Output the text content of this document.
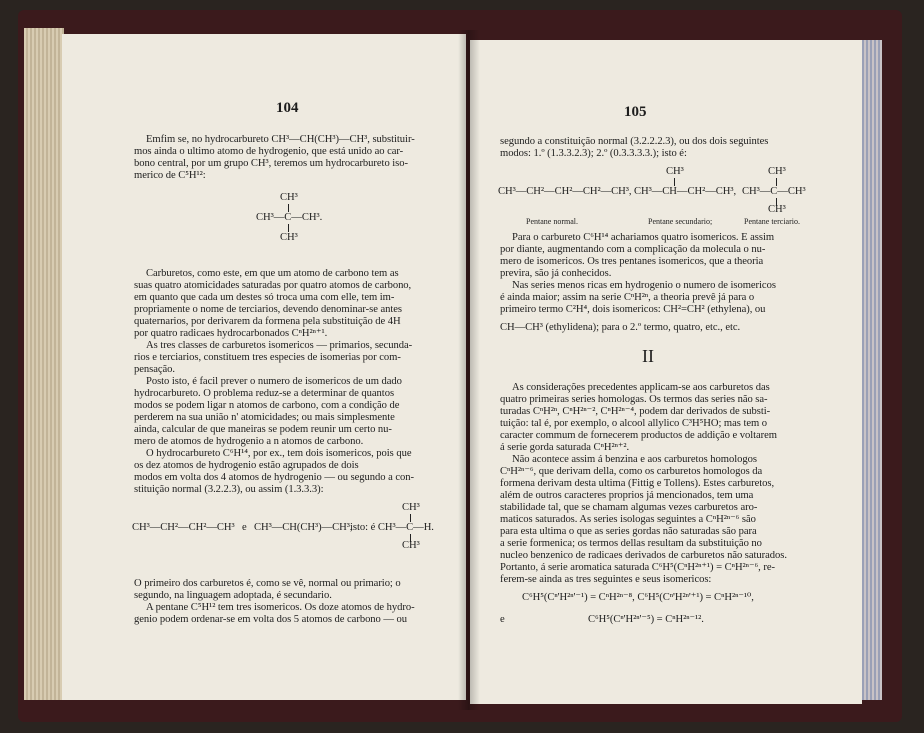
104
Emfim se, no hydrocarbureto CH³—CH(CH³)—CH³, substituir-
mos ainda o ultimo atomo de hydrogenio, que está unido ao car-
bono central, por um grupo CH³, teremos um hydrocarbureto iso-
merico de C⁵H¹²:
CH³
CH³—C—CH³.
CH³
Carburetos, como este, em que um atomo de carbono tem as
suas quatro atomicidades saturadas por quatro atomos de carbono,
em quanto que cada um destes só troca uma com elle, tem im-
propriamente o nome de terciarios, devendo denominar-se antes
quaternarios, por derivarem da formena pela substituição de 4H
por quatro radicaes hydrocarbonados CⁿH²ⁿ⁺¹.
As tres classes de carburetos isomericos — primarios, secunda-
rios e terciarios, constituem tres especies de isomerias por com-
pensação.
Posto isto, é facil prever o numero de isomericos de um dado
hydrocarbureto. O problema reduz-se a determinar de quantos
modos se podem ligar n atomos de carbono, com a condição de
perderem na sua união n' atomicidades; ou mais simplesmente
ainda, calcular de que maneiras se podem reunir um certo nu-
mero de atomos de hydrogenio a n atomos de carbono.
O hydrocarbureto C⁶H¹⁴, por ex., tem dois isomericos, pois que
os dez atomos de hydrogenio estão agrupados de dois
modos em volta dos 4 atomos de hydrogenio — ou segundo a con-
stituição normal (3.2.2.3), ou assim (1.3.3.3):
CH³
CH³—CH²—CH²—CH³ e CH³—CH(CH³)—CH³,
isto: é CH³—C—H.
CH³
O primeiro dos carburetos é, como se vê, normal ou primario; o
segundo, na linguagem adoptada, é secundario.
A pentane C⁵H¹² tem tres isomericos. Os doze atomos de hydro-
genio podem ordenar-se em volta dos 5 atomos de carbono — ou
105
segundo a constituição normal (3.2.2.2.3), ou dos dois seguintes
modos: 1.º (1.3.3.2.3); 2.º (0.3.3.3.3.); isto é:
CH³	CH³
CH³—CH²—CH²—CH²—CH³, CH³—CH—CH²—CH³, CH³—C—CH³
CH³
Pentane normal.	Pentane secundario;	Pentane terciario.
Para o carbureto C⁶H¹⁴ achariamos quatro isomericos. E assim
por diante, augmentando com a complicação da molecula o nu-
mero de isomericos. Os tres pentanes isomericos, que a theoria
previra, são já conhecidos.
Nas series menos ricas em hydrogenio o numero de isomericos
é ainda maior; assim na serie CⁿH²ⁿ, a theoria prevê já para o
primeiro termo C²H⁴, dois isomericos: CH²=CH² (ethylena), ou
CH—CH³ (ethylidena); para o 2.º termo, quatro, etc., etc.
II
As considerações precedentes applicam-se aos carburetos das
quatro primeiras series homologas. Os termos das series não sa-
turadas CⁿH²ⁿ, CⁿH²ⁿ⁻², CⁿH²ⁿ⁻⁴, podem dar derivados de substi-
tuição: tal é, por exemplo, o alcool allylico C³H⁵HO; mas tem o
caracter commum de fornecerem productos de addição e voltarem
á serie gorda saturada CⁿH²ⁿ⁺².
Não acontece assim á benzina e aos carburetos homologos
CⁿH²ⁿ⁻⁶, que derivam della, como os carburetos homologos da
formena derivam desta ultima (Fittig e Tollens). Estes carburetos,
além de outros caracteres proprios já mencionados, tem uma
stabilidade tal, que se chamam algumas vezes carburetos aro-
maticos saturados. As series isologas seguintes a CⁿH²ⁿ⁻⁶ são
para esta ultima o que as series gordas não saturadas são para
a serie formenica; os termos dellas resultam da substituição no
nucleo benzenico de radicaes derivados de carburetos não saturados.
Portanto, á serie aromatica saturada C⁶H⁵(CⁿH²ⁿ⁺¹) = CⁿH²ⁿ⁻⁶, re-
ferem-se ainda as tres seguintes e seus isomericos:
C⁶H⁵(Cⁿ'H²ⁿ'⁻¹) = CⁿH²ⁿ⁻⁸, C⁶H⁵(Cⁿ'H²ⁿ'⁺¹) = CⁿH²ⁿ⁻¹⁰,
e	C⁶H⁵(Cⁿ'H²ⁿ'⁻⁵) = CⁿH²ⁿ⁻¹².
